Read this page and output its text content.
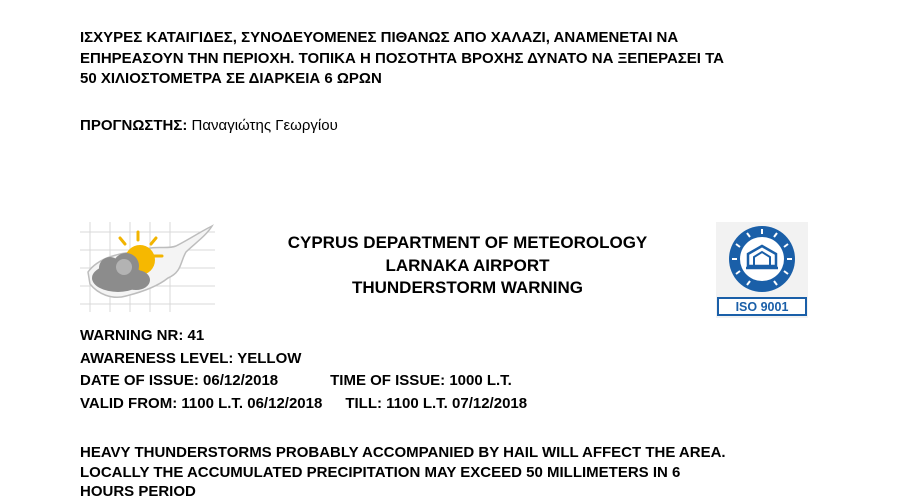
ΙΣΧΥΡΕΣ ΚΑΤΑΙΓΙΔΕΣ, ΣΥΝΟΔΕΥΟΜΕΝΕΣ ΠΙΘΑΝΩΣ ΑΠΟ ΧΑΛΑΖΙ, ΑΝΑΜΕΝΕΤΑΙ ΝΑ
ΕΠΗΡΕΑΣΟΥΝ ΤΗΝ ΠΕΡΙΟΧΗ. ΤΟΠΙΚΑ Η ΠΟΣΟΤΗΤΑ ΒΡΟΧΗΣ ΔΥΝΑΤΟ ΝΑ ΞΕΠΕΡΑΣΕΙ ΤΑ
50 ΧΙΛΙΟΣΤΟΜΕΤΡΑ ΣΕ ΔΙΑΡΚΕΙΑ 6 ΩΡΩΝ
ΠΡΟΓΝΩΣΤΗΣ: Παναγιώτης Γεωργίου
CYPRUS DEPARTMENT OF METEOROLOGY
LARNAKA AIRPORT
THUNDERSTORM WARNING
ISO 9001
WARNING NR: 41
AWARENESS LEVEL: YELLOW
DATE OF ISSUE: 06/12/2018	TIME OF ISSUE: 1000 L.T.
VALID FROM: 1100 L.T. 06/12/2018 TILL: 1100 L.T. 07/12/2018
HEAVY THUNDERSTORMS PROBABLY ACCOMPANIED BY HAIL WILL AFFECT THE AREA.
LOCALLY THE ACCUMULATED PRECIPITATION MAY EXCEED 50 MILLIMETERS IN 6
HOURS PERIOD
